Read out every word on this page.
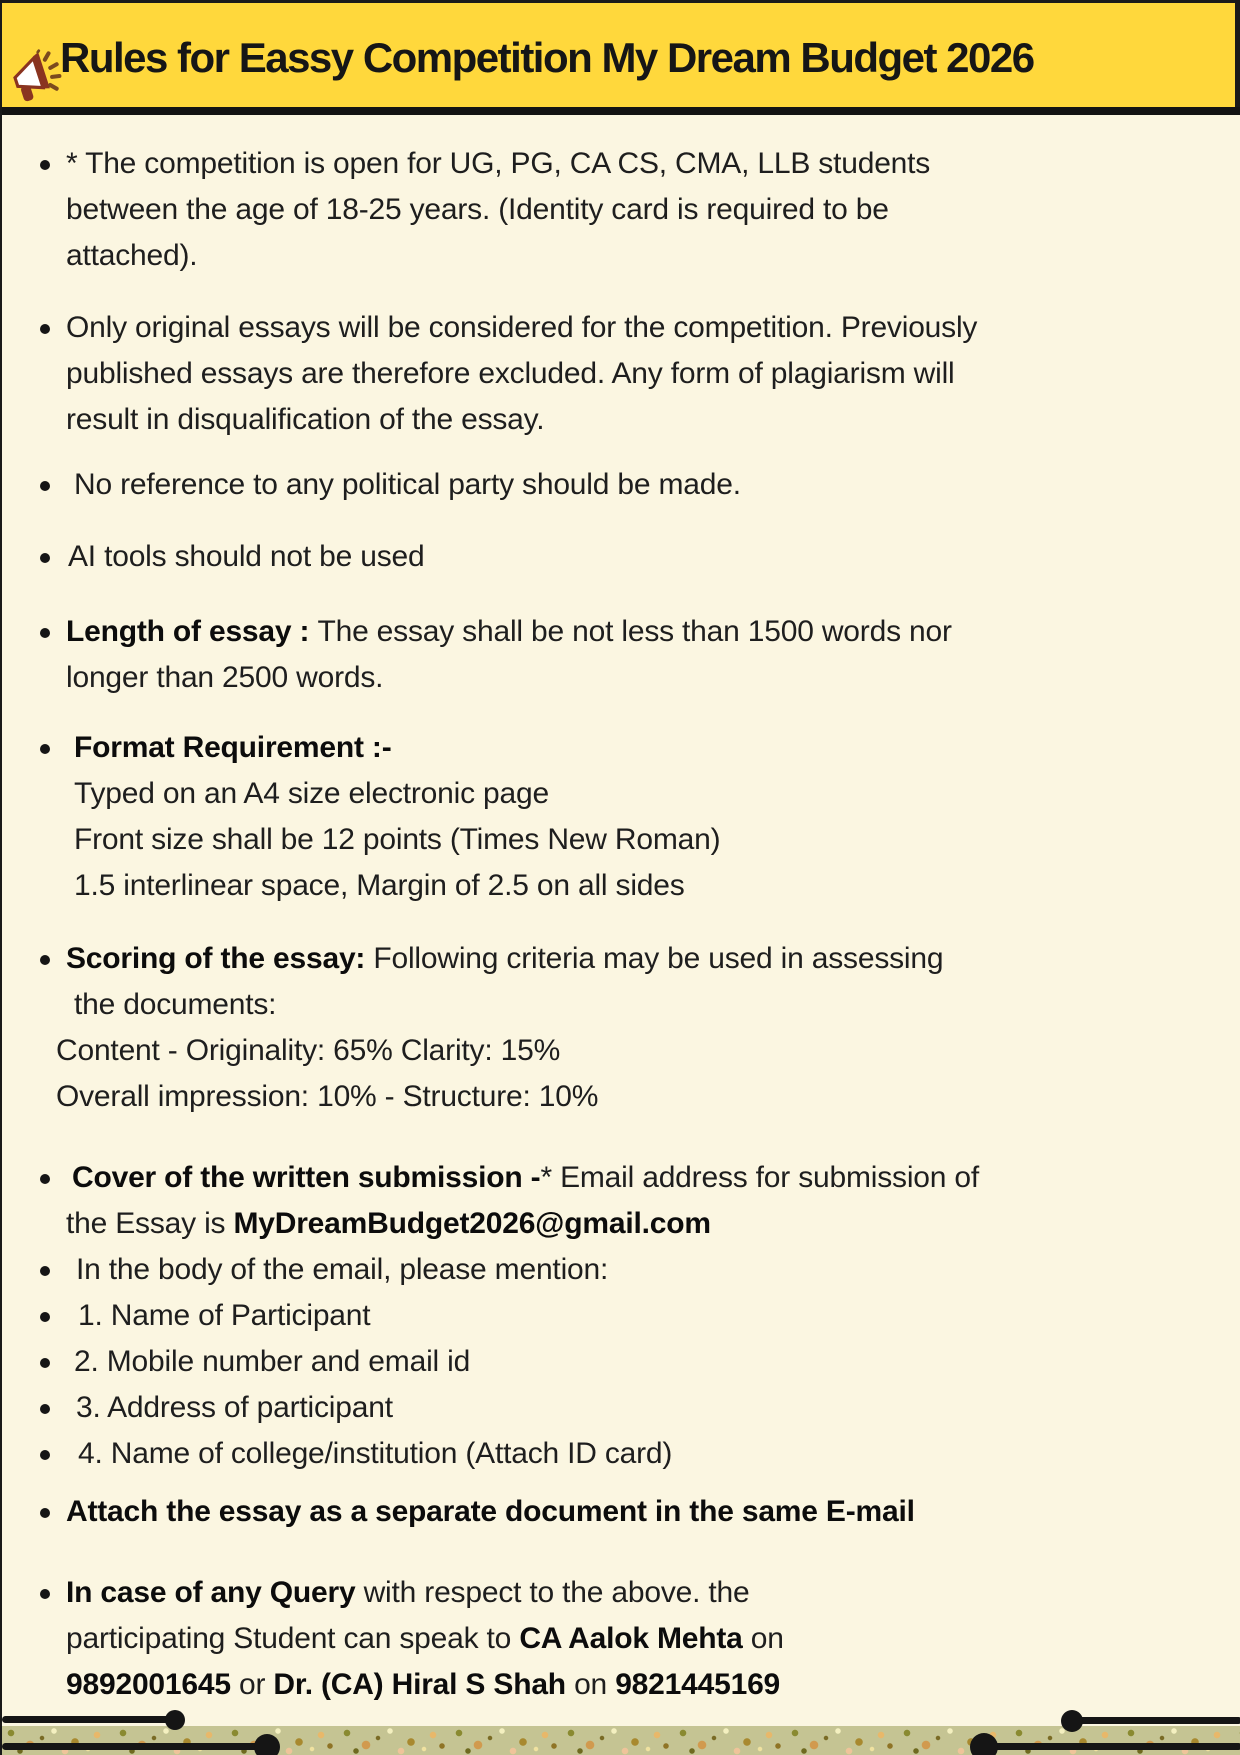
Rules for Eassy Competition My Dream Budget 2026
* The competition is open for UG, PG, CA CS, CMA, LLB students
between the age of 18-25 years. (Identity card is required to be
attached).
Only original essays will be considered for the competition. Previously
published essays are therefore excluded. Any form of plagiarism will
result in disqualification of the essay.
No reference to any political party should be made.
AI tools should not be used
Length of essay : The essay shall be not less than 1500 words nor
longer than 2500 words.
Format Requirement :-
Typed on an A4 size electronic page
Front size shall be 12 points (Times New Roman)
1.5 interlinear space, Margin of 2.5 on all sides
Scoring of the essay: Following criteria may be used in assessing
the documents:
Content - Originality: 65% Clarity: 15%
Overall impression: 10% - Structure: 10%
Cover of the written submission -* Email address for submission of
the Essay is MyDreamBudget2026@gmail.com
In the body of the email, please mention:
1. Name of Participant
2. Mobile number and email id
3. Address of participant
4. Name of college/institution (Attach ID card)
Attach the essay as a separate document in the same E-mail
In case of any Query with respect to the above. the
participating Student can speak to CA Aalok Mehta on
9892001645 or Dr. (CA) Hiral S Shah on 9821445169
